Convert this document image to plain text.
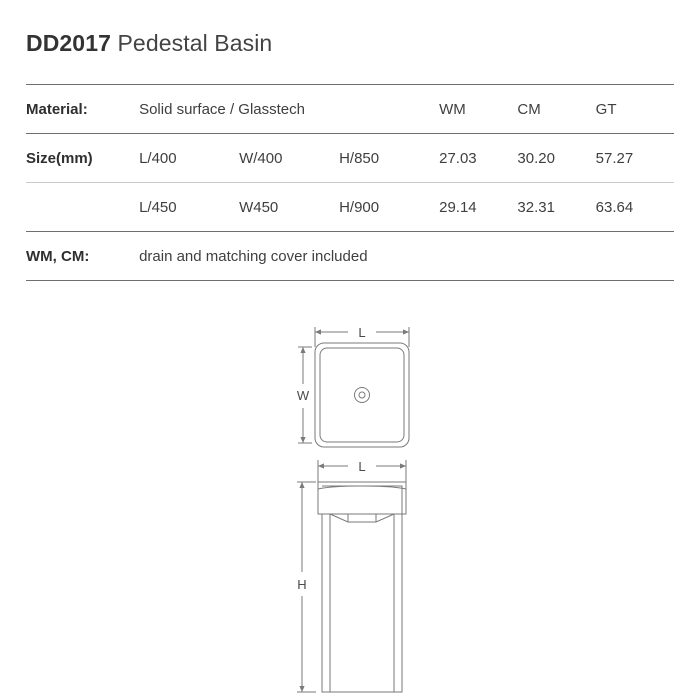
DD2017 Pedestal Basin
Material:	Solid surface / Glasstech			WM	CM	GT
Size(mm)	L/400	W/400	H/850	27.03	30.20	57.27
	L/450	W450	H/900	29.14	32.31	63.64
WM, CM:	drain and matching cover included					
L
W
L
H
